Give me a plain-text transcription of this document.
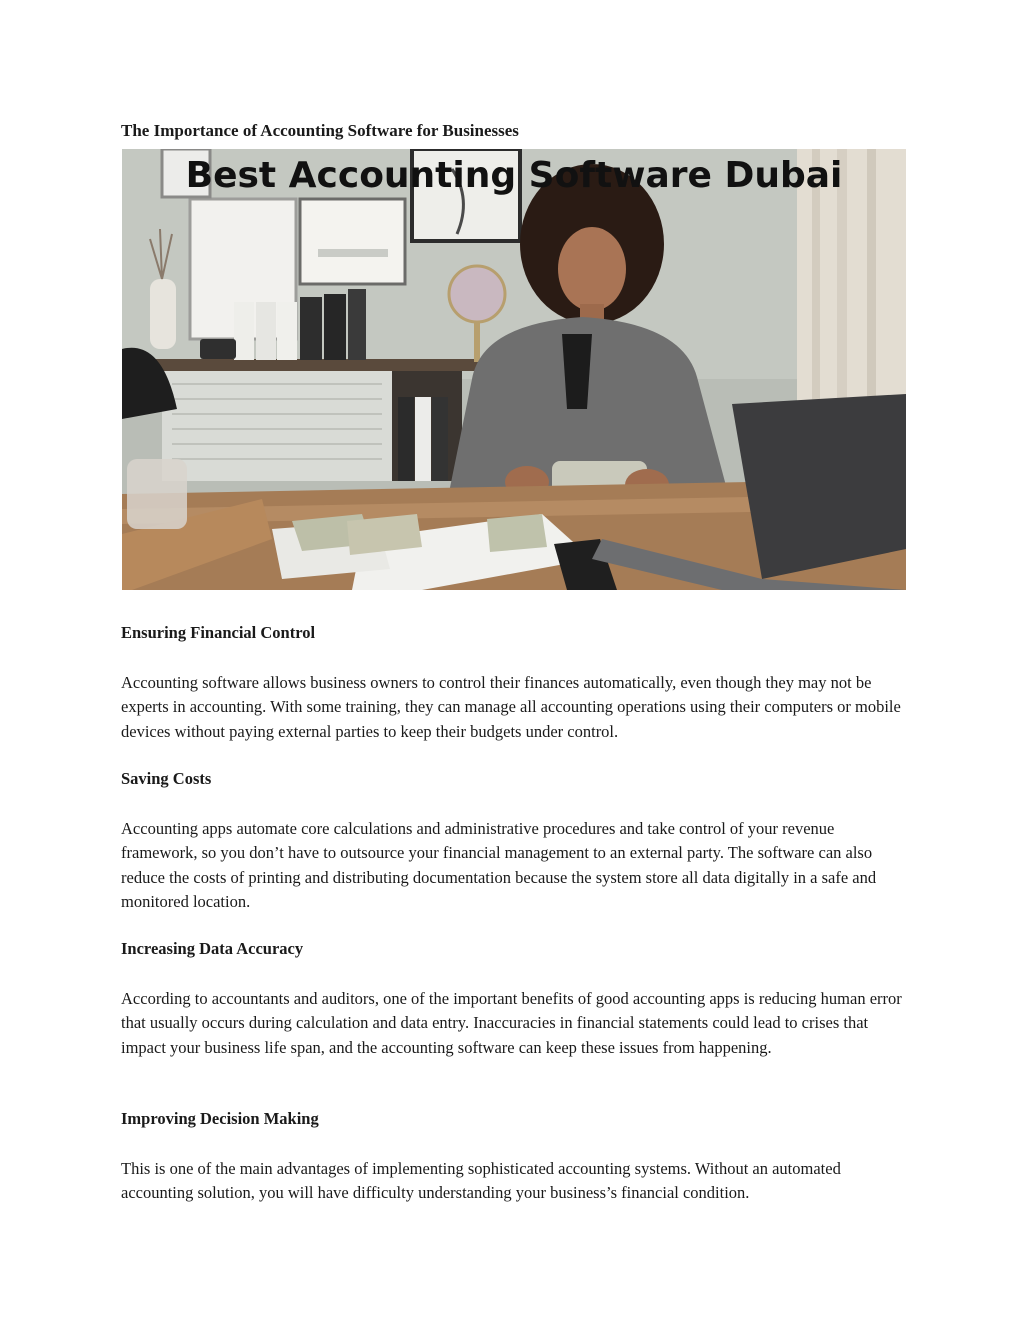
The Importance of Accounting Software for Businesses
Best Accounting Software Dubai
Ensuring Financial Control

Accounting software allows business owners to control their finances automatically, even though they may not be experts in accounting. With some training, they can manage all accounting operations using their computers or mobile devices without paying external parties to keep their budgets under control.

Saving Costs

Accounting apps automate core calculations and administrative procedures and take control of your revenue framework, so you don’t have to outsource your financial management to an external party. The software can also reduce the costs of printing and distributing documentation because the system store all data digitally in a safe and monitored location.

Increasing Data Accuracy

According to accountants and auditors, one of the important benefits of good accounting apps is reducing human error that usually occurs during calculation and data entry. Inaccuracies in financial statements could lead to crises that impact your business life span, and the accounting software can keep these issues from happening.

Improving Decision Making

This is one of the main advantages of implementing sophisticated accounting systems. Without an automated accounting solution, you will have difficulty understanding your business’s financial condition.
